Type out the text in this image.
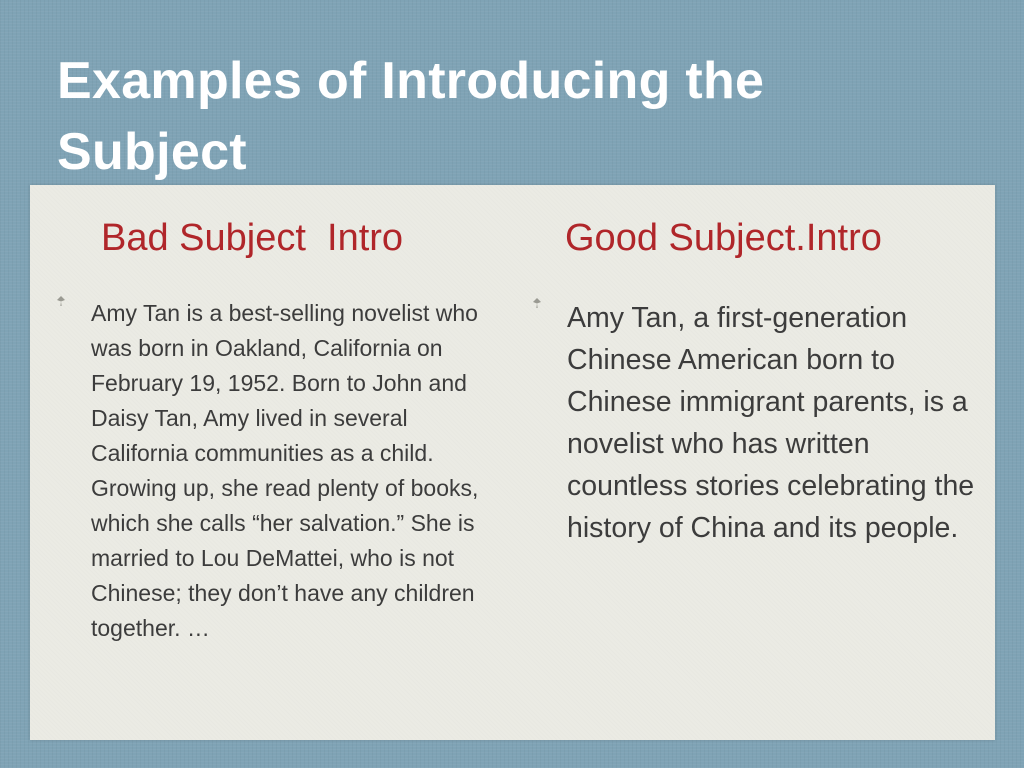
Examples of Introducing the Subject
Bad Subject  Intro	Good Subject.Intro

Amy Tan is a best-selling novelist who was born in Oakland, California on February 19, 1952. Born to John and Daisy Tan, Amy lived in several California communities as a child. Growing up, she read plenty of books, which she calls “her salvation.” She is married to Lou DeMattei, who is not Chinese; they don’t have any children together. …

Amy Tan, a first-generation Chinese American born to Chinese immigrant parents, is a novelist who has written countless stories celebrating the history of China and its people.
